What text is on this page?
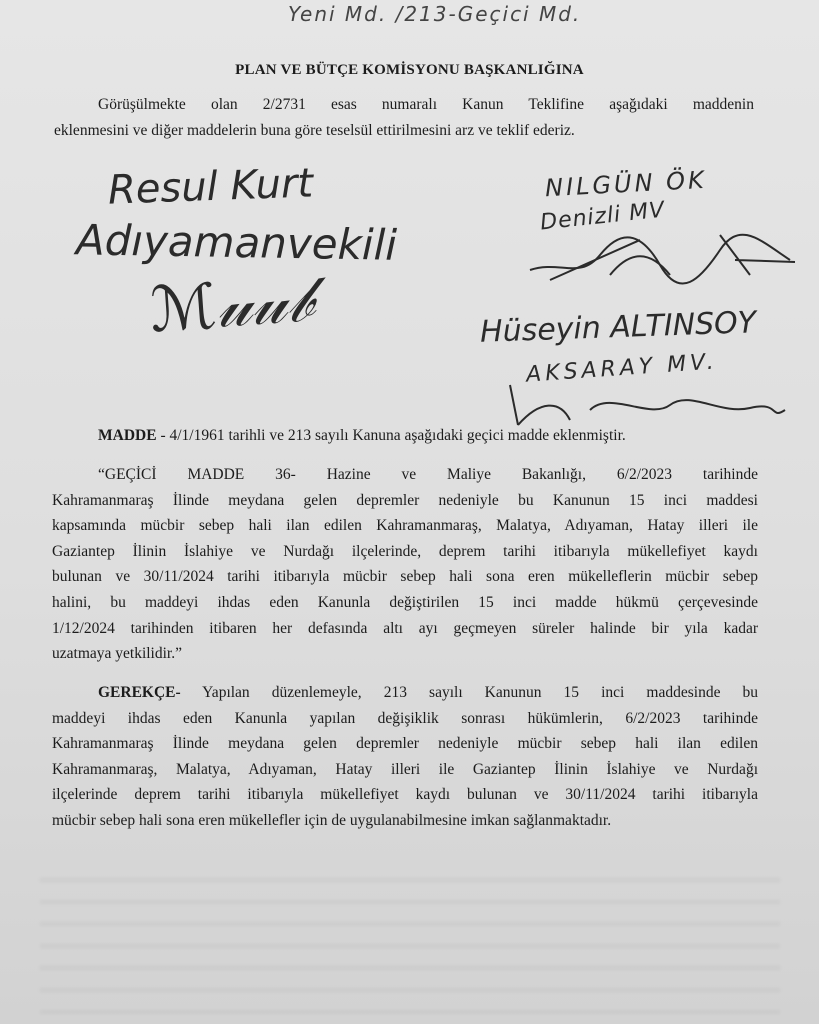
Yeni Md. /213-Geçici Md.
PLAN VE BÜTÇE KOMİSYONU BAŞKANLIĞINA
Görüşülmekte olan 2/2731 esas numaralı Kanun Teklifine aşağıdaki maddenin
eklenmesini ve diğer maddelerin buna göre teselsül ettirilmesini arz ve teklif ederiz.
Resul Kurt
Adıyamanvekili
ℳ𝓊𝓊𝒷
NILGÜN ÖK
Denizli MV
Hüseyin ALTINSOY
AKSARAY MV.
MADDE - 4/1/1961 tarihli ve 213 sayılı Kanuna aşağıdaki geçici madde eklenmiştir.
“GEÇİCİ MADDE 36- Hazine ve Maliye Bakanlığı, 6/2/2023 tarihinde
Kahramanmaraş İlinde meydana gelen depremler nedeniyle bu Kanunun 15 inci maddesi
kapsamında mücbir sebep hali ilan edilen Kahramanmaraş, Malatya, Adıyaman, Hatay illeri ile
Gaziantep İlinin İslahiye ve Nurdağı ilçelerinde, deprem tarihi itibarıyla mükellefiyet kaydı
bulunan ve 30/11/2024 tarihi itibarıyla mücbir sebep hali sona eren mükelleflerin mücbir sebep
halini, bu maddeyi ihdas eden Kanunla değiştirilen 15 inci madde hükmü çerçevesinde
1/12/2024 tarihinden itibaren her defasında altı ayı geçmeyen süreler halinde bir yıla kadar
uzatmaya yetkilidir.”
GEREKÇE- Yapılan düzenlemeyle, 213 sayılı Kanunun 15 inci maddesinde bu
maddeyi ihdas eden Kanunla yapılan değişiklik sonrası hükümlerin, 6/2/2023 tarihinde
Kahramanmaraş İlinde meydana gelen depremler nedeniyle mücbir sebep hali ilan edilen
Kahramanmaraş, Malatya, Adıyaman, Hatay illeri ile Gaziantep İlinin İslahiye ve Nurdağı
ilçelerinde deprem tarihi itibarıyla mükellefiyet kaydı bulunan ve 30/11/2024 tarihi itibarıyla
mücbir sebep hali sona eren mükellefler için de uygulanabilmesine imkan sağlanmaktadır.
